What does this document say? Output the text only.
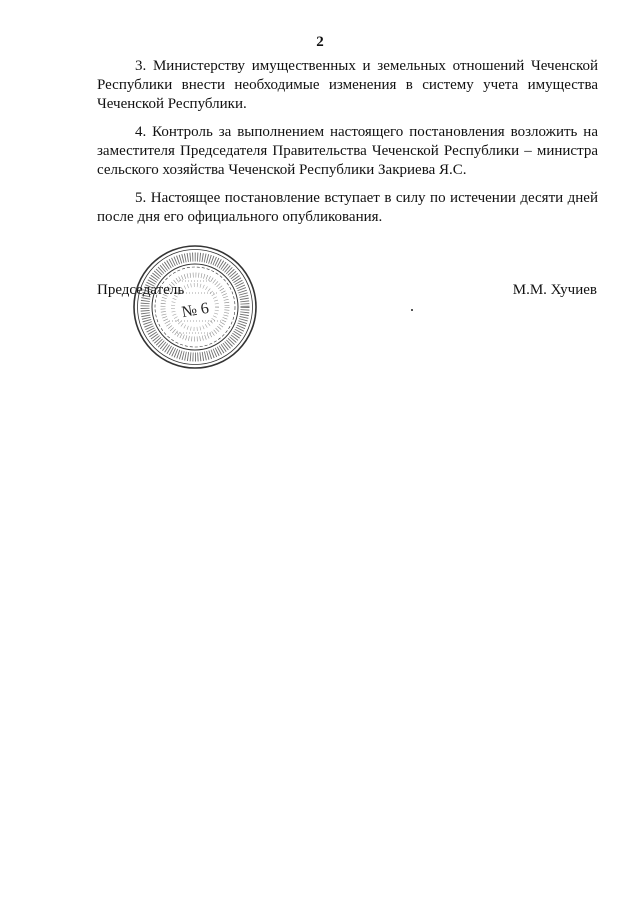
2

3. Министерству имущественных и земельных отношений Чеченской Республики внести необходимые изменения в систему учета имущества Чеченской Республики.

4. Контроль за выполнением настоящего постановления возложить на заместителя Председателя Правительства Чеченской Республики – министра сельского хозяйства Чеченской Республики Закриева Я.С.

5. Настоящее постановление вступает в силу по истечении десяти дней после дня его официального опубликования.

Председатель	М.М. Хучиев
№ 6
